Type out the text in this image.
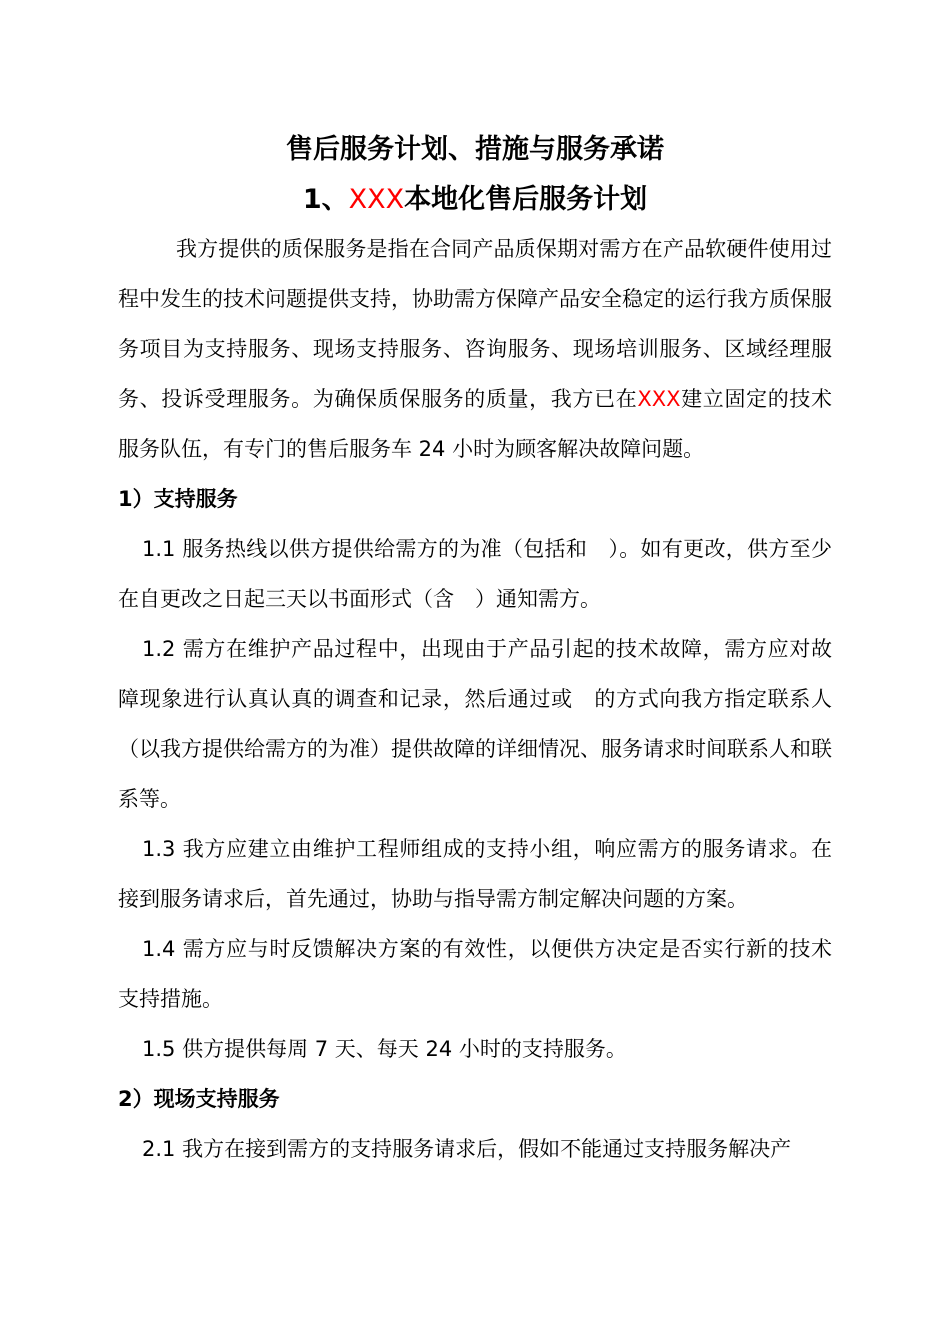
售后服务计划、措施与服务承诺
1、XXX本地化售后服务计划

我方提供的质保服务是指在合同产品质保期对需方在产品软硬件使用过程中发生的技术问题提供支持，协助需方保障产品安全稳定的运行我方质保服务项目为支持服务、现场支持服务、咨询服务、现场培训服务、区域经理服务、投诉受理服务。为确保质保服务的质量，我方已在XXX建立固定的技术服务队伍，有专门的售后服务车 24 小时为顾客解决故障问题。

1）支持服务

1.1 服务热线以供方提供给需方的为准（包括和　）。如有更改，供方至少在自更改之日起三天以书面形式（含　）通知需方。

1.2 需方在维护产品过程中，出现由于产品引起的技术故障，需方应对故障现象进行认真认真的调查和记录，然后通过或　的方式向我方指定联系人（以我方提供给需方的为准）提供故障的详细情况、服务请求时间联系人和联系等。

1.3 我方应建立由维护工程师组成的支持小组，响应需方的服务请求。在接到服务请求后，首先通过，协助与指导需方制定解决问题的方案。

1.4 需方应与时反馈解决方案的有效性，以便供方决定是否实行新的技术支持措施。

1.5 供方提供每周 7 天、每天 24 小时的支持服务。

2）现场支持服务

2.1 我方在接到需方的支持服务请求后，假如不能通过支持服务解决产
